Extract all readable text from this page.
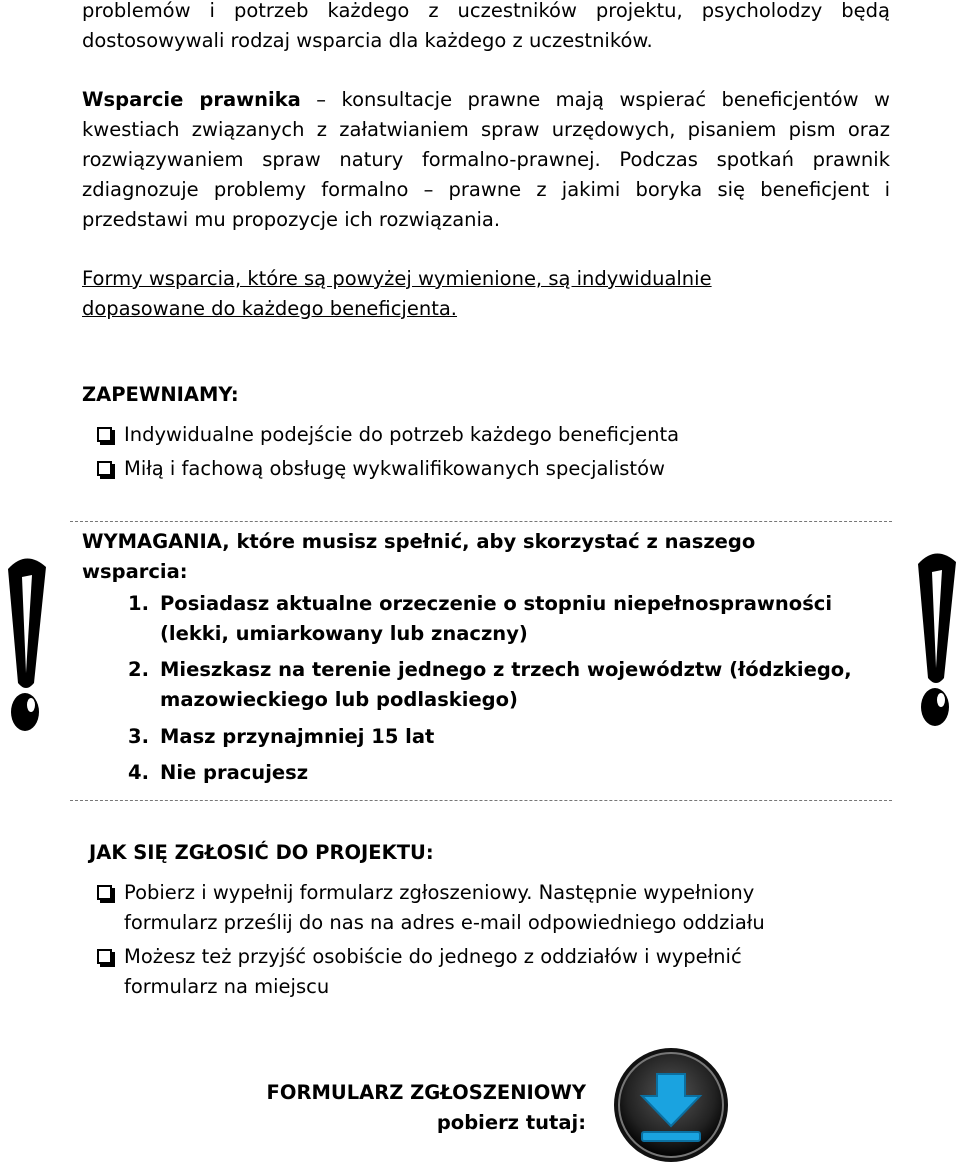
problemów i potrzeb każdego z uczestników projektu, psycholodzy będą dostosowywali rodzaj wsparcia dla każdego z uczestników.

Wsparcie prawnika – konsultacje prawne mają wspierać beneficjentów w kwestiach związanych z załatwianiem spraw urzędowych, pisaniem pism oraz rozwiązywaniem spraw natury formalno-prawnej. Podczas spotkań prawnik zdiagnozuje problemy formalno – prawne z jakimi boryka się beneficjent i przedstawi mu propozycje ich rozwiązania.

Formy wsparcia, które są powyżej wymienione, są indywidualnie dopasowane do każdego beneficjenta.

ZAPEWNIAMY:
Indywidualne podejście do potrzeb każdego beneficjenta
Miłą i fachową obsługę wykwalifikowanych specjalistów
WYMAGANIA, które musisz spełnić, aby skorzystać z naszego wsparcia:
1. Posiadasz aktualne orzeczenie o stopniu niepełnosprawności (lekki, umiarkowany lub znaczny)
2. Mieszkasz na terenie jednego z trzech województw (łódzkiego, mazowieckiego lub podlaskiego)
3. Masz przynajmniej 15 lat
4. Nie pracujesz
JAK SIĘ ZGŁOSIĆ DO PROJEKTU:
Pobierz i wypełnij formularz zgłoszeniowy. Następnie wypełniony formularz prześlij do nas na adres e-mail odpowiedniego oddziału
Możesz też przyjść osobiście do jednego z oddziałów i wypełnić formularz na miejscu
FORMULARZ ZGŁOSZENIOWY
pobierz tutaj:
